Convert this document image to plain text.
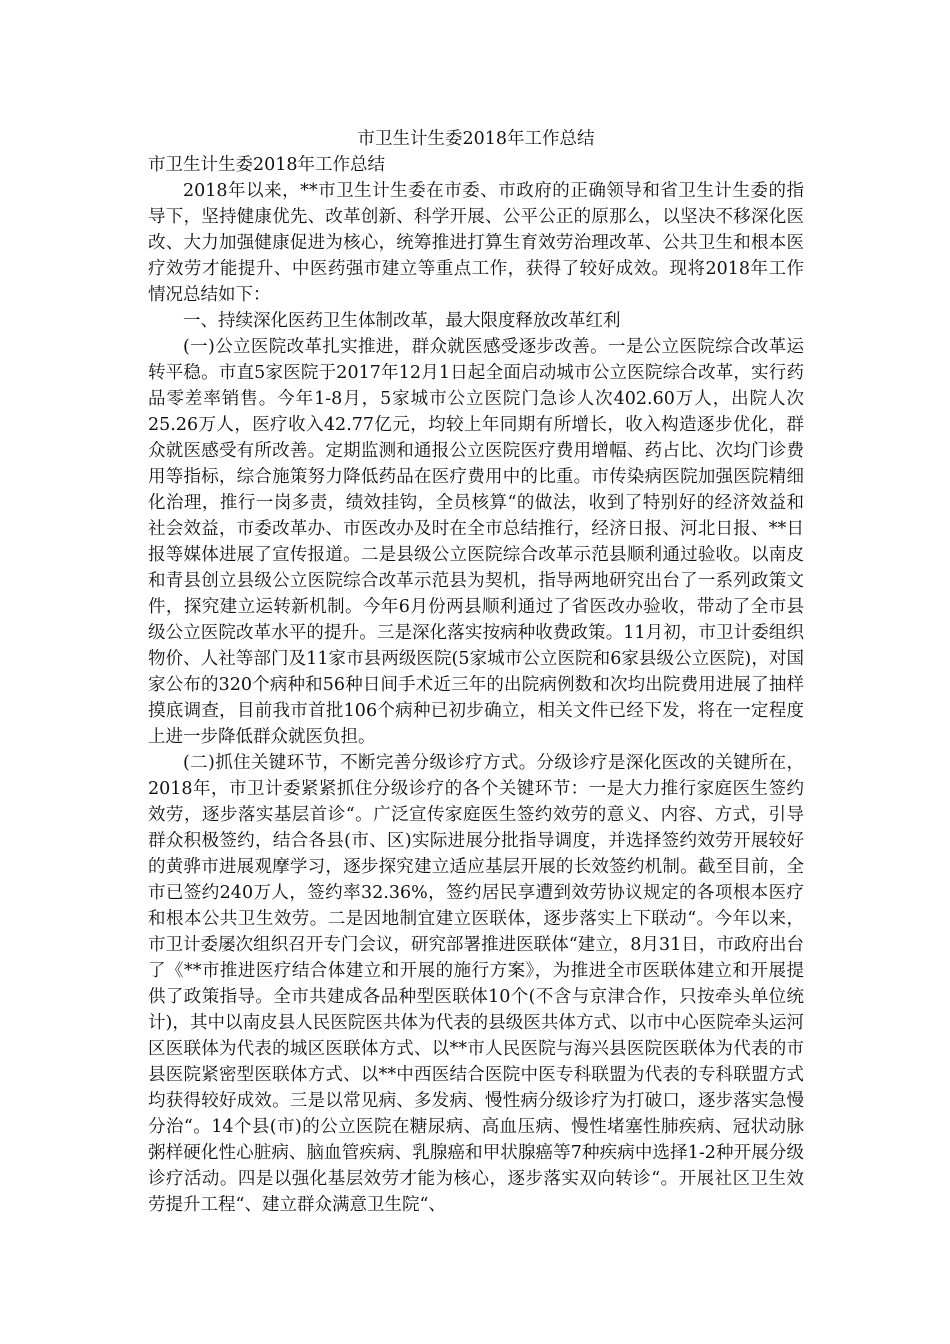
市卫生计生委2018年工作总结

市卫生计生委2018年工作总结

2018年以来，**市卫生计生委在市委、市政府的正确领导和省卫生计生委的指导下，坚持健康优先、改革创新、科学开展、公平公正的原那么，以坚决不移深化医改、大力加强健康促进为核心，统筹推进打算生育效劳治理改革、公共卫生和根本医疗效劳才能提升、中医药强市建立等重点工作，获得了较好成效。现将2018年工作情况总结如下：

一、持续深化医药卫生体制改革，最大限度释放改革红利

(一)公立医院改革扎实推进，群众就医感受逐步改善。一是公立医院综合改革运转平稳。市直5家医院于2017年12月1日起全面启动城市公立医院综合改革，实行药品零差率销售。今年1-8月，5家城市公立医院门急诊人次402.60万人，出院人次25.26万人，医疗收入42.77亿元，均较上年同期有所增长，收入构造逐步优化，群众就医感受有所改善。定期监测和通报公立医院医疗费用增幅、药占比、次均门诊费用等指标，综合施策努力降低药品在医疗费用中的比重。市传染病医院加强医院精细化治理，推行一岗多责，绩效挂钩，全员核算“的做法，收到了特别好的经济效益和社会效益，市委改革办、市医改办及时在全市总结推行，经济日报、河北日报、**日报等媒体进展了宣传报道。二是县级公立医院综合改革示范县顺利通过验收。以南皮和青县创立县级公立医院综合改革示范县为契机，指导两地研究出台了一系列政策文件，探究建立运转新机制。今年6月份两县顺利通过了省医改办验收，带动了全市县级公立医院改革水平的提升。三是深化落实按病种收费政策。11月初，市卫计委组织物价、人社等部门及11家市县两级医院(5家城市公立医院和6家县级公立医院)，对国家公布的320个病种和56种日间手术近三年的出院病例数和次均出院费用进展了抽样摸底调查，目前我市首批106个病种已初步确立，相关文件已经下发，将在一定程度上进一步降低群众就医负担。

(二)抓住关键环节，不断完善分级诊疗方式。分级诊疗是深化医改的关键所在，2018年，市卫计委紧紧抓住分级诊疗的各个关键环节：一是大力推行家庭医生签约效劳，逐步落实基层首诊“。广泛宣传家庭医生签约效劳的意义、内容、方式，引导群众积极签约，结合各县(市、区)实际进展分批指导调度，并选择签约效劳开展较好的黄骅市进展观摩学习，逐步探究建立适应基层开展的长效签约机制。截至目前，全市已签约240万人，签约率32.36%，签约居民享遭到效劳协议规定的各项根本医疗和根本公共卫生效劳。二是因地制宜建立医联体，逐步落实上下联动“。今年以来，市卫计委屡次组织召开专门会议，研究部署推进医联体“建立，8月31日，市政府出台了《**市推进医疗结合体建立和开展的施行方案》，为推进全市医联体建立和开展提供了政策指导。全市共建成各品种型医联体10个(不含与京津合作，只按牵头单位统计)，其中以南皮县人民医院医共体为代表的县级医共体方式、以市中心医院牵头运河区医联体为代表的城区医联体方式、以**市人民医院与海兴县医院医联体为代表的市县医院紧密型医联体方式、以**中西医结合医院中医专科联盟为代表的专科联盟方式均获得较好成效。三是以常见病、多发病、慢性病分级诊疗为打破口，逐步落实急慢分治“。14个县(市)的公立医院在糖尿病、高血压病、慢性堵塞性肺疾病、冠状动脉粥样硬化性心脏病、脑血管疾病、乳腺癌和甲状腺癌等7种疾病中选择1-2种开展分级诊疗活动。四是以强化基层效劳才能为核心，逐步落实双向转诊“。开展社区卫生效劳提升工程“、建立群众满意卫生院“、
